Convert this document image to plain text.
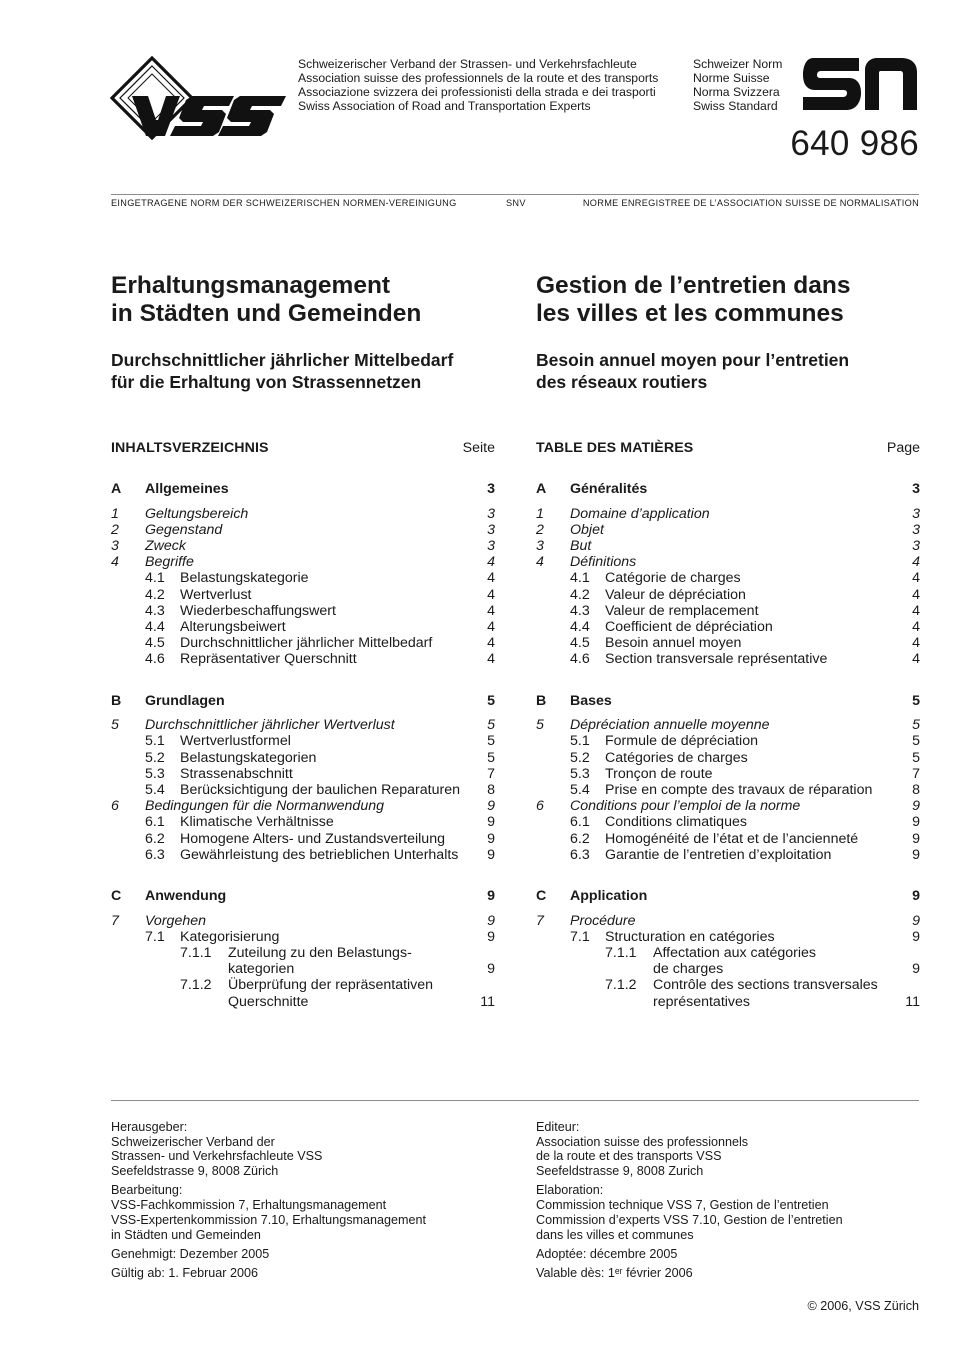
Schweizerischer Verband der Strassen- und Verkehrsfachleute
Association suisse des professionnels de la route et des transports
Associazione svizzera dei professionisti della strada e dei trasporti
Swiss Association of Road and Transportation Experts
Schweizer Norm
Norme Suisse
Norma Svizzera
Swiss Standard
640 986
EINGETRAGENE NORM DER SCHWEIZERISCHEN NORMEN-VEREINIGUNG	SNV	NORME ENREGISTREE DE L’ASSOCIATION SUISSE DE NORMALISATION
Erhaltungsmanagement
in Städten und Gemeinden
Gestion de l’entretien dans
les villes et les communes
Durchschnittlicher jährlicher Mittelbedarf
für die Erhaltung von Strassennetzen
Besoin annuel moyen pour l’entretien
des réseaux routiers
INHALTSVERZEICHNIS	Seite	TABLE DES MATIÈRES	Page
A Allgemeines	3
1 Geltungsbereich	3
2 Gegenstand	3
3 Zweck	3
4 Begriffe	4
4.1 Belastungskategorie	4
4.2 Wertverlust	4
4.3 Wiederbeschaffungswert	4
4.4 Alterungsbeiwert	4
4.5 Durchschnittlicher jährlicher Mittelbedarf	4
4.6 Repräsentativer Querschnitt	4
B Grundlagen	5
5 Durchschnittlicher jährlicher Wertverlust	5
5.1 Wertverlustformel	5
5.2 Belastungskategorien	5
5.3 Strassenabschnitt	7
5.4 Berücksichtigung der baulichen Reparaturen 8
6 Bedingungen für die Normanwendung	9
6.1 Klimatische Verhältnisse	9
6.2 Homogene Alters- und Zustandsverteilung	9
6.3 Gewährleistung des betrieblichen Unterhalts 9
C Anwendung	9
7 Vorgehen	9
7.1 Kategorisierung	9
7.1.1 Zuteilung zu den Belastungs-
kategorien	9
7.1.2 Überprüfung der repräsentativen
Querschnitte	11
A Généralités	3
1 Domaine d’application	3
2 Objet	3
3 But	3
4 Définitions	4
4.1 Catégorie de charges	4
4.2 Valeur de dépréciation	4
4.3 Valeur de remplacement	4
4.4 Coefficient de dépréciation	4
4.5 Besoin annuel moyen	4
4.6 Section transversale représentative	4
B Bases	5
5 Dépréciation annuelle moyenne	5
5.1 Formule de dépréciation	5
5.2 Catégories de charges	5
5.3 Tronçon de route	7
5.4 Prise en compte des travaux de réparation	8
6 Conditions pour l’emploi de la norme	9
6.1 Conditions climatiques	9
6.2 Homogénéité de l’état et de l’ancienneté	9
6.3 Garantie de l’entretien d’exploitation	9
C Application	9
7 Procédure	9
7.1 Structuration en catégories	9
7.1.1 Affectation aux catégories
de charges	9
7.1.2 Contrôle des sections transversales
représentatives	11
Herausgeber:
Schweizerischer Verband der
Strassen- und Verkehrsfachleute VSS
Seefeldstrasse 9, 8008 Zürich
Bearbeitung:
VSS-Fachkommission 7, Erhaltungsmanagement
VSS-Expertenkommission 7.10, Erhaltungsmanagement
in Städten und Gemeinden
Genehmigt: Dezember 2005
Gültig ab: 1. Februar 2006
Editeur:
Association suisse des professionnels
de la route et des transports VSS
Seefeldstrasse 9, 8008 Zurich
Elaboration:
Commission technique VSS 7, Gestion de l’entretien
Commission d’experts VSS 7.10, Gestion de l’entretien
dans les villes et communes
Adoptée: décembre 2005
Valable dès: 1ᵉʳ février 2006
© 2006, VSS Zürich
